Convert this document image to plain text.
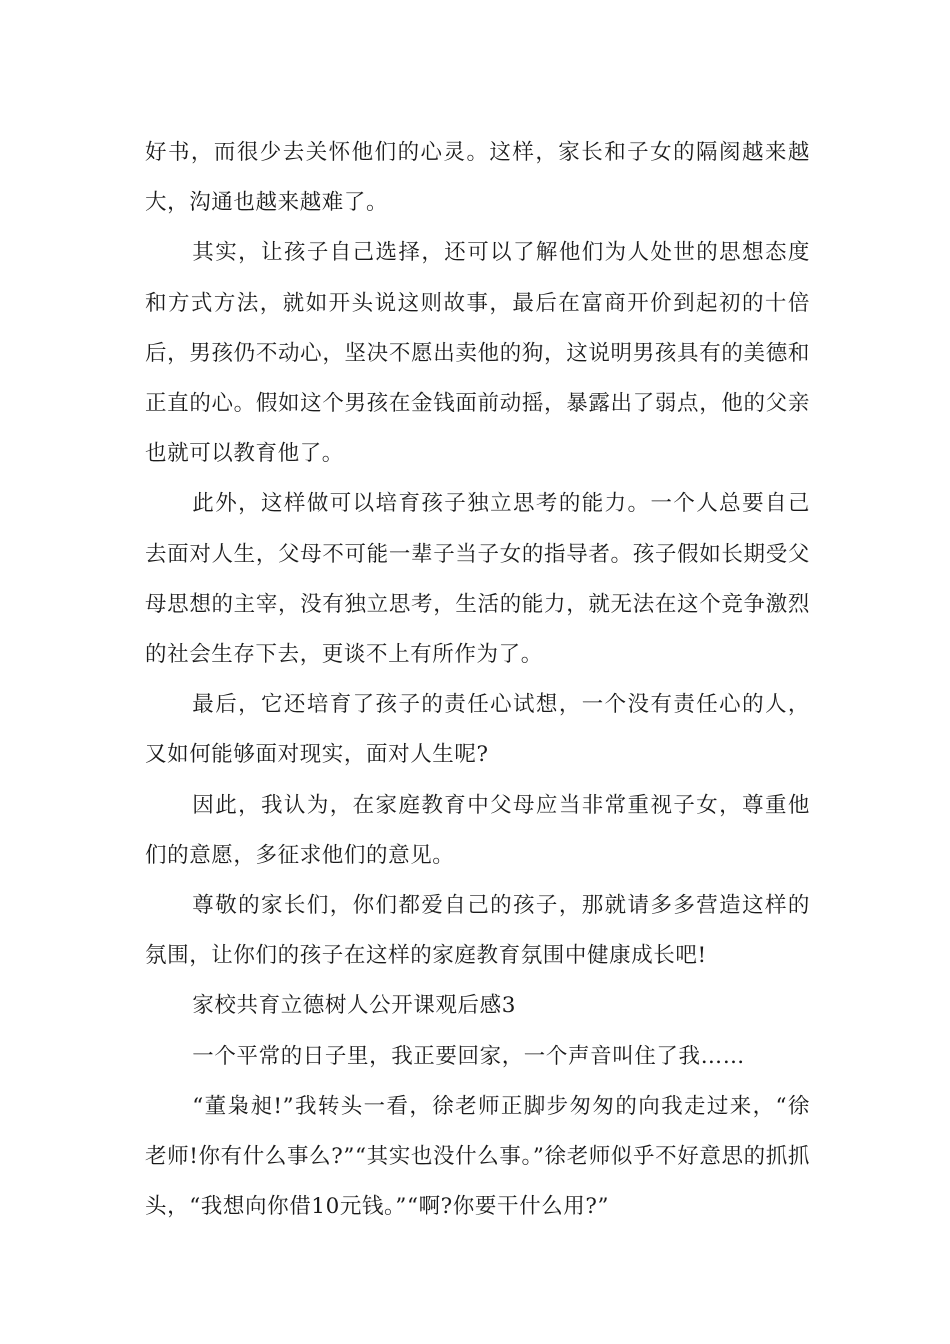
好书，而很少去关怀他们的心灵。这样，家长和子女的隔阂越来越大，沟通也越来越难了。

其实，让孩子自己选择，还可以了解他们为人处世的思想态度和方式方法，就如开头说这则故事，最后在富商开价到起初的十倍后，男孩仍不动心，坚决不愿出卖他的狗，这说明男孩具有的美德和正直的心。假如这个男孩在金钱面前动摇，暴露出了弱点，他的父亲也就可以教育他了。

此外，这样做可以培育孩子独立思考的能力。一个人总要自己去面对人生，父母不可能一辈子当子女的指导者。孩子假如长期受父母思想的主宰，没有独立思考，生活的能力，就无法在这个竞争激烈的社会生存下去，更谈不上有所作为了。

最后，它还培育了孩子的责任心试想，一个没有责任心的人，又如何能够面对现实，面对人生呢?

因此，我认为，在家庭教育中父母应当非常重视子女，尊重他们的意愿，多征求他们的意见。

尊敬的家长们，你们都爱自己的孩子，那就请多多营造这样的氛围，让你们的孩子在这样的家庭教育氛围中健康成长吧!

家校共育立德树人公开课观后感3

一个平常的日子里，我正要回家，一个声音叫住了我……

“董枭昶!”我转头一看，徐老师正脚步匆匆的向我走过来，“徐老师!你有什么事么?”“其实也没什么事。”徐老师似乎不好意思的抓抓头，“我想向你借10元钱。”“啊?你要干什么用?”
